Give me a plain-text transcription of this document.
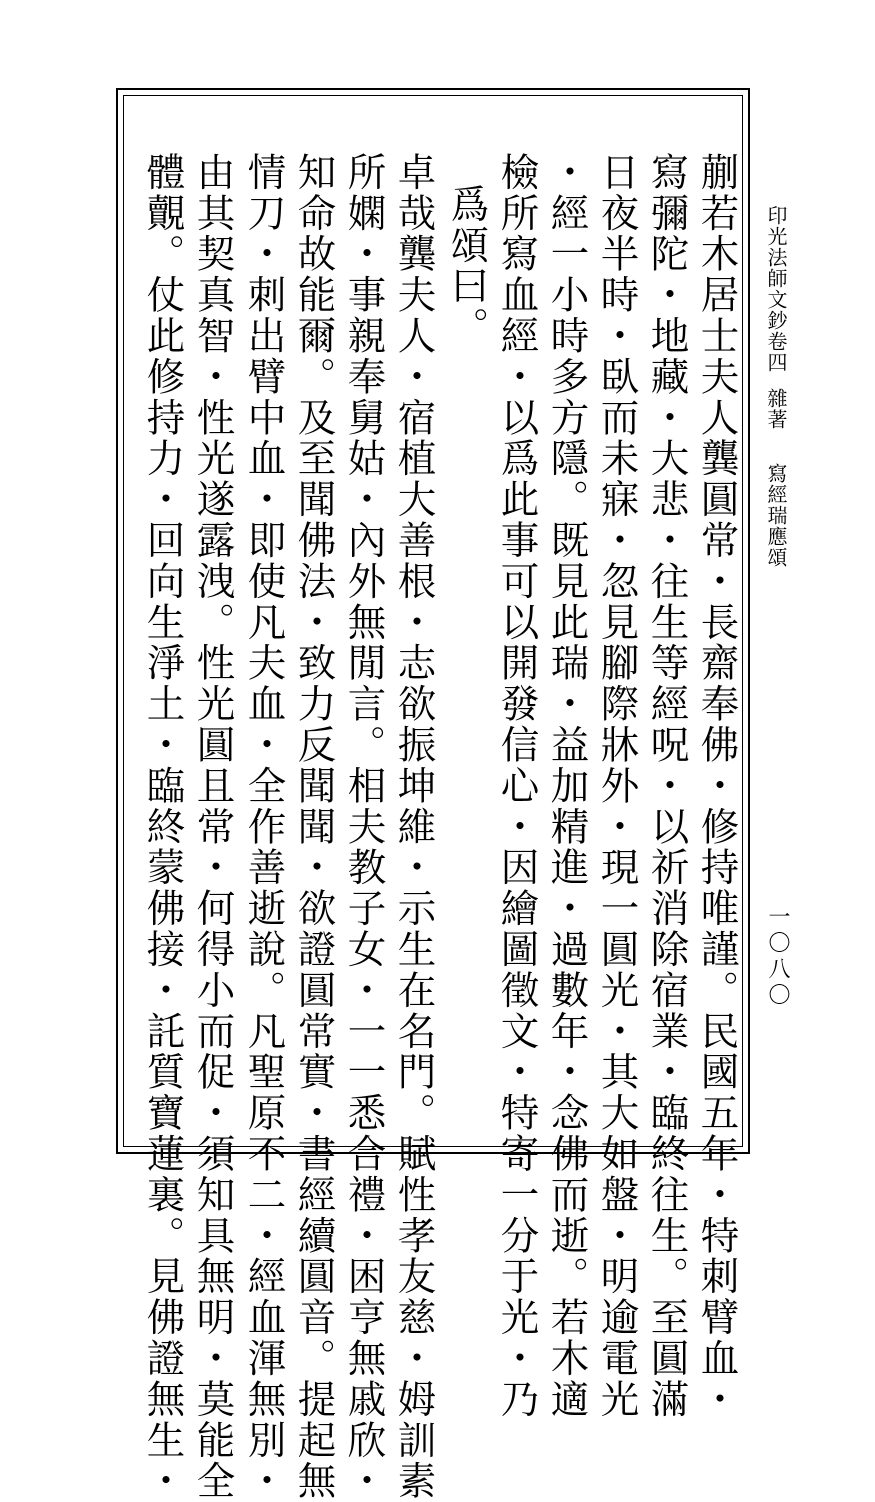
印光法師文鈔卷四
雜著
寫經瑞應頌
一〇八〇
蒯若木居士夫人龔圓常・長齋奉佛・修持唯謹。民國五年・特刺臂血・
寫彌陀・地藏・大悲・往生等經呪・以祈消除宿業・臨終往生。至圓滿
日夜半時・臥而未寐・忽見腳際牀外・現一圓光・其大如盤・明逾電光
・經一小時多方隱。既見此瑞・益加精進・過數年・念佛而逝。若木適
檢所寫血經・以爲此事可以開發信心・因繪圖徵文・特寄一分于光・乃
爲頌曰。
卓哉龔夫人・宿植大善根・志欲振坤維・示生在名門。賦性孝友慈・姆訓素
所嫻・事親奉舅姑・內外無閒言。相夫教子女・一一悉合禮・困亨無戚欣・
知命故能爾。及至聞佛法・致力反聞聞・欲證圓常實・書經續圓音。提起無
情刀・刺出臂中血・即使凡夫血・全作善逝說。凡聖原不二・經血渾無別・
由其契真智・性光遂露洩。性光圓且常・何得小而促・須知具無明・莫能全
體覿。仗此修持力・回向生淨土・臨終蒙佛接・託質寶蓮裏。見佛證無生・
